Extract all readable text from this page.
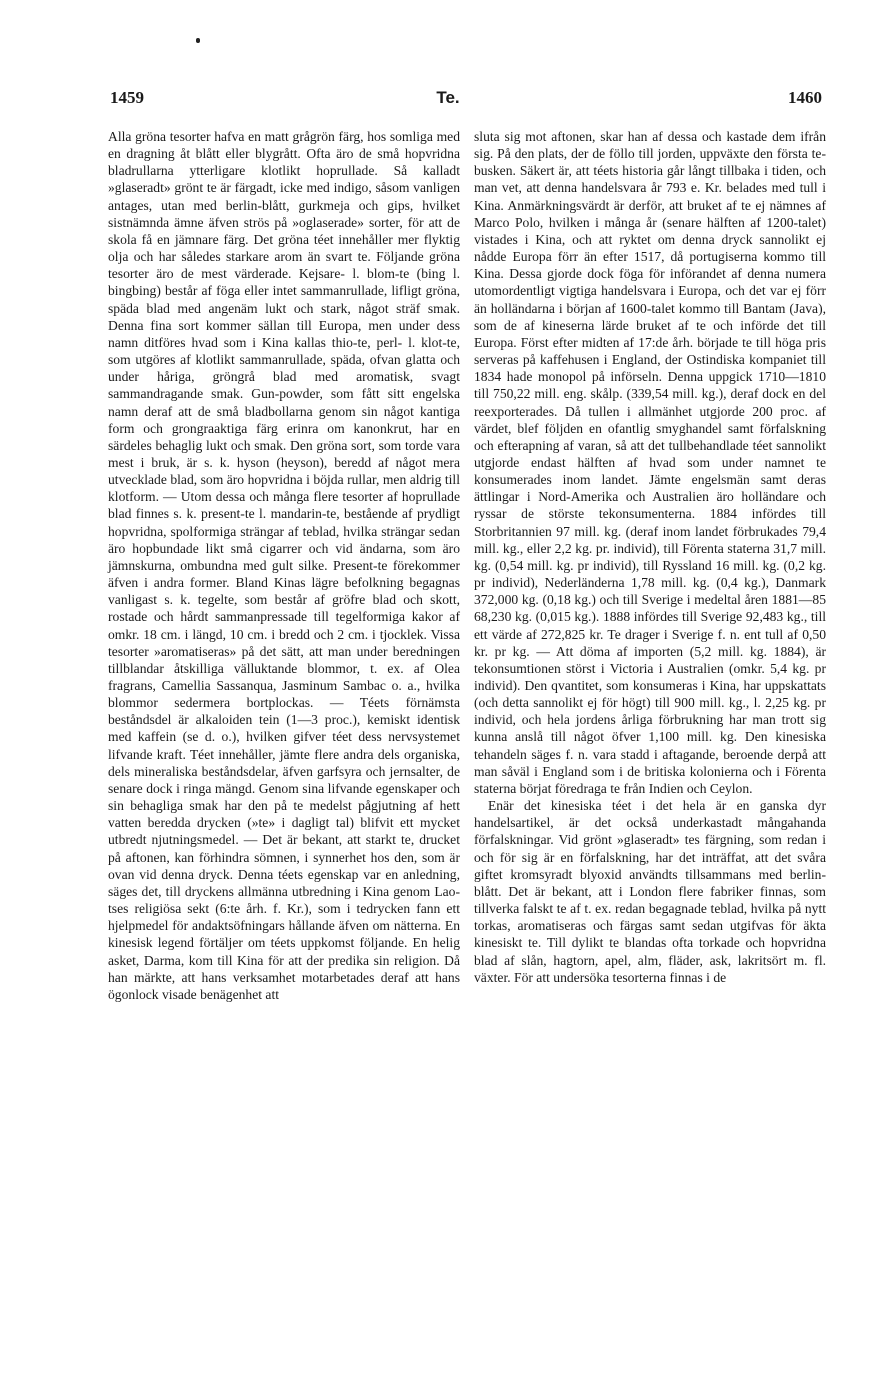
1459	Te.	1460

Alla gröna tesorter hafva en matt grågrön färg, hos somliga med en dragning åt blått eller blygrått. Ofta äro de små hopvridna bladrullarna ytterligare klotlikt hoprullade. Så kalladt »glaseradt» grönt te är färgadt, icke med indigo, såsom vanligen antages, utan med berlin-blått, gurkmeja och gips, hvilket sistnämnda ämne äfven strös på »oglaserade» sorter, för att de skola få en jämnare färg. Det gröna téet innehåller mer flyktig olja och har således starkare arom än svart te. Följande gröna tesorter äro de mest värderade. Kejsare- l. blom-te (bing l. bingbing) består af föga eller intet sammanrullade, lifligt gröna, späda blad med angenäm lukt och stark, något sträf smak. Denna fina sort kommer sällan till Europa, men under dess namn ditföres hvad som i Kina kallas thio-te, perl- l. klot-te, som utgöres af klotlikt sammanrullade, späda, ofvan glatta och under håriga, gröngrå blad med aromatisk, svagt sammandragande smak. Gun-powder, som fått sitt engelska namn deraf att de små bladbollarna genom sin något kantiga form och grongraaktiga färg erinra om kanonkrut, har en särdeles behaglig lukt och smak. Den gröna sort, som torde vara mest i bruk, är s. k. hyson (heyson), beredd af något mera utvecklade blad, som äro hopvridna i böjda rullar, men aldrig till klotform. — Utom dessa och många flere tesorter af hoprullade blad finnes s. k. present-te l. mandarin-te, bestående af prydligt hopvridna, spolformiga strängar af teblad, hvilka strängar sedan äro hopbundade likt små cigarrer och vid ändarna, som äro jämnskurna, ombundna med gult silke. Present-te förekommer äfven i andra former. Bland Kinas lägre befolkning begagnas vanligast s. k. tegelte, som består af gröfre blad och skott, rostade och hårdt sammanpressade till tegelformiga kakor af omkr. 18 cm. i längd, 10 cm. i bredd och 2 cm. i tjocklek. Vissa tesorter »aromatiseras» på det sätt, att man under beredningen tillblandar åtskilliga välluktande blommor, t. ex. af Olea fragrans, Camellia Sassanqua, Jasminum Sambac o. a., hvilka blommor sedermera bortplockas. — Téets förnämsta beståndsdel är alkaloiden tein (1—3 proc.), kemiskt identisk med kaffein (se d. o.), hvilken gifver téet dess nervsystemet lifvande kraft. Téet innehåller, jämte flere andra dels organiska, dels mineraliska beståndsdelar, äfven garfsyra och jernsalter, de senare dock i ringa mängd. Genom sina lifvande egenskaper och sin behagliga smak har den på te medelst pågjutning af hett vatten beredda drycken (»te» i dagligt tal) blifvit ett mycket utbredt njutningsmedel. — Det är bekant, att starkt te, drucket på aftonen, kan förhindra sömnen, i synnerhet hos den, som är ovan vid denna dryck. Denna téets egenskap var en anledning, säges det, till dryckens allmänna utbredning i Kina genom Lao-tses religiösa sekt (6:te årh. f. Kr.), som i tedrycken fann ett hjelpmedel för andaktsöfningars hållande äfven om nätterna. En kinesisk legend förtäljer om téets uppkomst följande. En helig asket, Darma, kom till Kina för att der predika sin religion. Då han märkte, att hans verksamhet motarbetades deraf att hans ögonlock visade benägenhet att

sluta sig mot aftonen, skar han af dessa och kastade dem ifrån sig. På den plats, der de föllo till jorden, uppväxte den första te-busken. Säkert är, att téets historia går långt tillbaka i tiden, och man vet, att denna handelsvara år 793 e. Kr. belades med tull i Kina. Anmärkningsvärdt är derför, att bruket af te ej nämnes af Marco Polo, hvilken i många år (senare hälften af 1200-talet) vistades i Kina, och att ryktet om denna dryck sannolikt ej nådde Europa förr än efter 1517, då portugiserna kommo till Kina. Dessa gjorde dock föga för införandet af denna numera utomordentligt vigtiga handelsvara i Europa, och det var ej förr än holländarna i början af 1600-talet kommo till Bantam (Java), som de af kineserna lärde bruket af te och införde det till Europa. Först efter midten af 17:de årh. började te till höga pris serveras på kaffehusen i England, der Ostindiska kompaniet till 1834 hade monopol på införseln. Denna uppgick 1710—1810 till 750,22 mill. eng. skålp. (339,54 mill. kg.), deraf dock en del reexporterades. Då tullen i allmänhet utgjorde 200 proc. af värdet, blef följden en ofantlig smyghandel samt förfalskning och efterapning af varan, så att det tullbehandlade téet sannolikt utgjorde endast hälften af hvad som under namnet te konsumerades inom landet. Jämte engelsmän samt deras ättlingar i Nord-Amerika och Australien äro holländare och ryssar de störste tekonsumenterna. 1884 infördes till Storbritannien 97 mill. kg. (deraf inom landet förbrukades 79,4 mill. kg., eller 2,2 kg. pr. individ), till Förenta staterna 31,7 mill. kg. (0,54 mill. kg. pr individ), till Ryssland 16 mill. kg. (0,2 kg. pr individ), Nederländerna 1,78 mill. kg. (0,4 kg.), Danmark 372,000 kg. (0,18 kg.) och till Sverige i medeltal åren 1881—85 68,230 kg. (0,015 kg.). 1888 infördes till Sverige 92,483 kg., till ett värde af 272,825 kr. Te drager i Sverige f. n. ent tull af 0,50 kr. pr kg. — Att döma af importen (5,2 mill. kg. 1884), är tekonsumtionen störst i Victoria i Australien (omkr. 5,4 kg. pr individ). Den qvantitet, som konsumeras i Kina, har uppskattats (och detta sannolikt ej för högt) till 900 mill. kg., l. 2,25 kg. pr individ, och hela jordens årliga förbrukning har man trott sig kunna anslå till något öfver 1,100 mill. kg. Den kinesiska tehandeln säges f. n. vara stadd i aftagande, beroende derpå att man såväl i England som i de britiska kolonierna och i Förenta staterna börjat föredraga te från Indien och Ceylon.

Enär det kinesiska téet i det hela är en ganska dyr handelsartikel, är det också underkastadt mångahanda förfalskningar. Vid grönt »glaseradt» tes färgning, som redan i och för sig är en förfalskning, har det inträffat, att det svåra giftet kromsyradt blyoxid användts tillsammans med berlin-blått. Det är bekant, att i London flere fabriker finnas, som tillverka falskt te af t. ex. redan begagnade teblad, hvilka på nytt torkas, aromatiseras och färgas samt sedan utgifvas för äkta kinesiskt te. Till dylikt te blandas ofta torkade och hopvridna blad af slån, hagtorn, apel, alm, fläder, ask, lakritsört m. fl. växter. För att undersöka tesorterna finnas i de
